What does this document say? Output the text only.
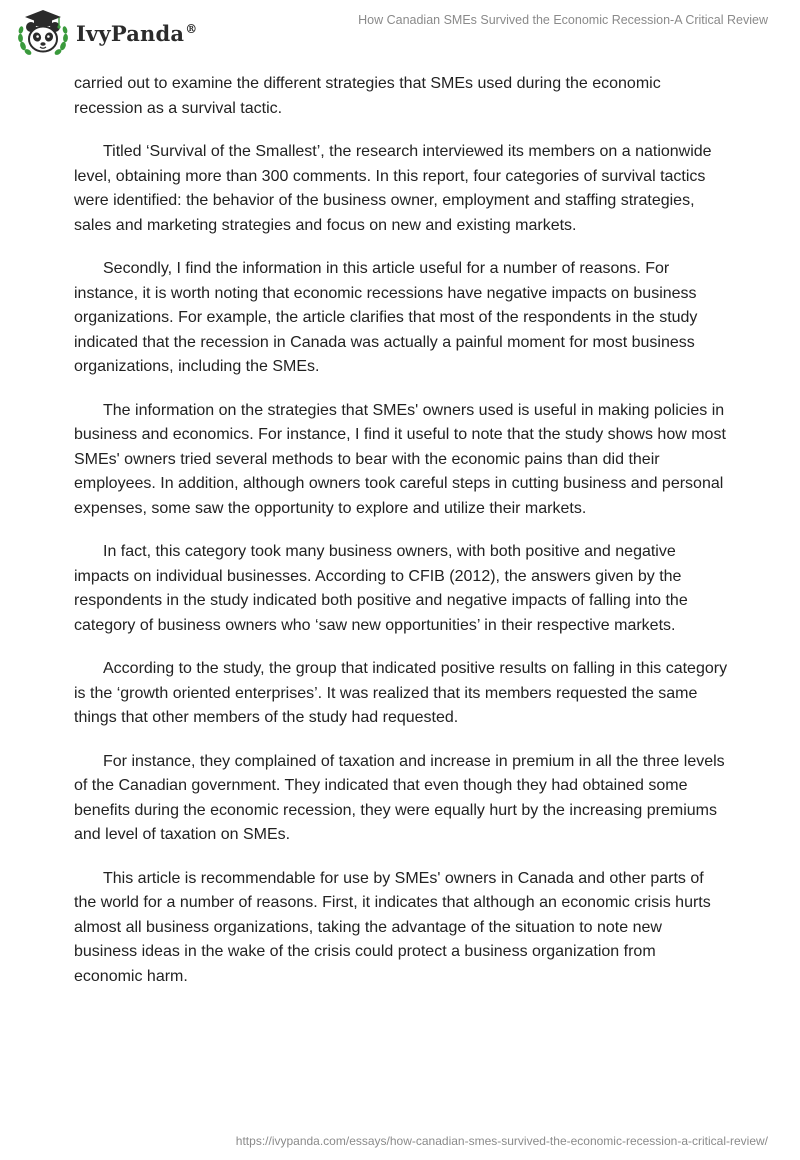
IvyPanda®
How Canadian SMEs Survived the Economic Recession-A Critical Review

carried out to examine the different strategies that SMEs used during the economic recession as a survival tactic.

Titled ‘Survival of the Smallest’, the research interviewed its members on a nationwide level, obtaining more than 300 comments. In this report, four categories of survival tactics were identified: the behavior of the business owner, employment and staffing strategies, sales and marketing strategies and focus on new and existing markets.

Secondly, I find the information in this article useful for a number of reasons. For instance, it is worth noting that economic recessions have negative impacts on business organizations. For example, the article clarifies that most of the respondents in the study indicated that the recession in Canada was actually a painful moment for most business organizations, including the SMEs.

The information on the strategies that SMEs' owners used is useful in making policies in business and economics. For instance, I find it useful to note that the study shows how most SMEs' owners tried several methods to bear with the economic pains than did their employees. In addition, although owners took careful steps in cutting business and personal expenses, some saw the opportunity to explore and utilize their markets.

In fact, this category took many business owners, with both positive and negative impacts on individual businesses. According to CFIB (2012), the answers given by the respondents in the study indicated both positive and negative impacts of falling into the category of business owners who ‘saw new opportunities’ in their respective markets.

According to the study, the group that indicated positive results on falling in this category is the ‘growth oriented enterprises’. It was realized that its members requested the same things that other members of the study had requested.

For instance, they complained of taxation and increase in premium in all the three levels of the Canadian government. They indicated that even though they had obtained some benefits during the economic recession, they were equally hurt by the increasing premiums and level of taxation on SMEs.

This article is recommendable for use by SMEs' owners in Canada and other parts of the world for a number of reasons. First, it indicates that although an economic crisis hurts almost all business organizations, taking the advantage of the situation to note new business ideas in the wake of the crisis could protect a business organization from economic harm.

https://ivypanda.com/essays/how-canadian-smes-survived-the-economic-recession-a-critical-review/
